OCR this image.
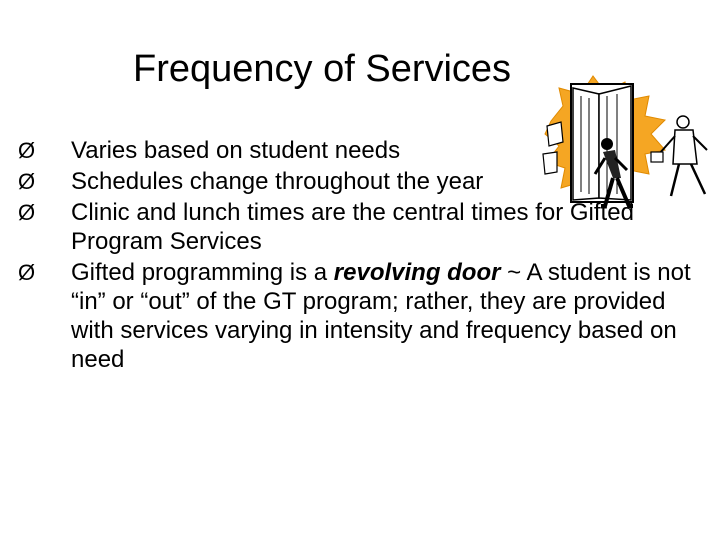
Frequency of Services
Ø	Varies based on student needs
Ø	Schedules change throughout the year
Ø	Clinic and lunch times are the central times for Gifted Program Services
Ø	Gifted programming is a revolving door ~ A student is not “in” or “out” of the GT program; rather, they are provided with services varying in intensity and frequency based on need
